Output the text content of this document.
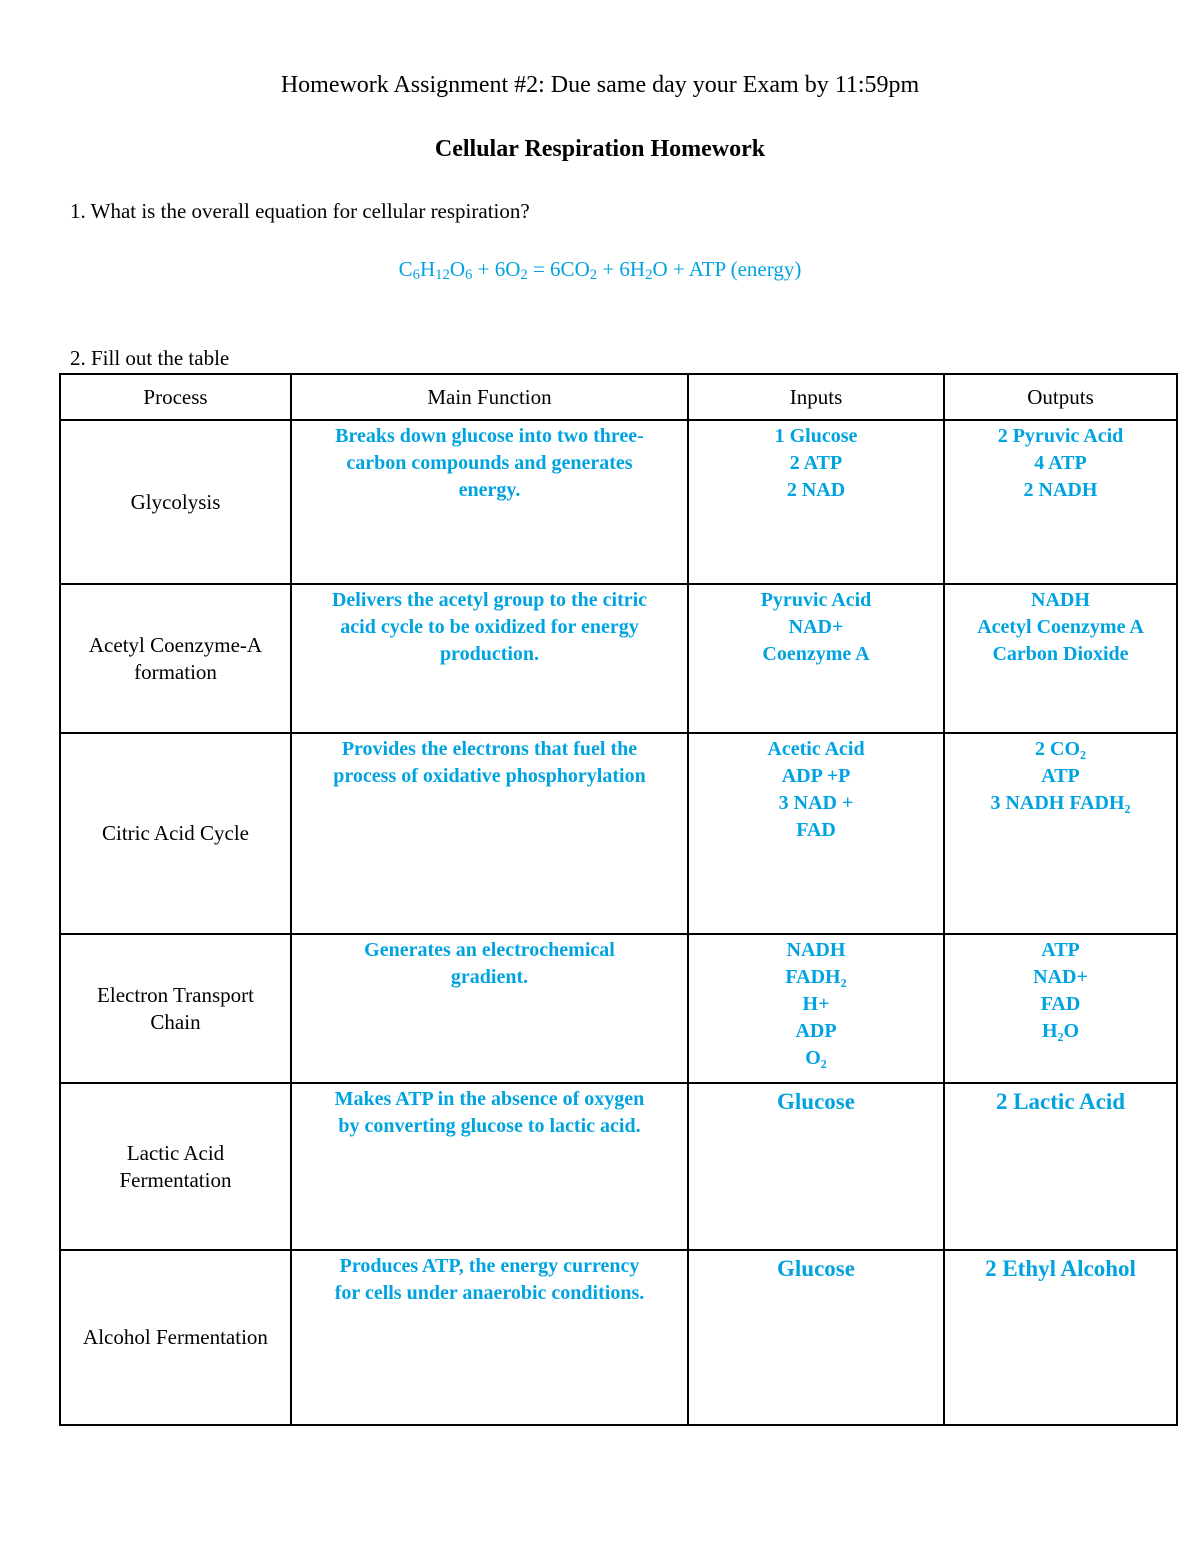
Homework Assignment #2: Due same day your Exam by 11:59pm
Cellular Respiration Homework
1. What is the overall equation for cellular respiration?
$C_6H_{12}O_6 + 6O_2 = 6CO_2 + 6H_2O$ + ATP (energy)
2. Fill out the table
Process	Main Function	Inputs	Outputs

Glycolysis	Breaks down glucose into two three-
carbon compounds and generates
energy.	1 Glucose
2 ATP
2 NAD	2 Pyruvic Acid
4 ATP
2 NADH

Acetyl Coenzyme-A
formation	Delivers the acetyl group to the citric
acid cycle to be oxidized for energy
production.	Pyruvic Acid
NAD+
Coenzyme A	NADH
Acetyl Coenzyme A
Carbon Dioxide

Citric Acid Cycle	Provides the electrons that fuel the
process of oxidative phosphorylation	Acetic Acid
ADP +P
3 NAD +
FAD	2 CO₂
ATP
3 NADH FADH₂

Electron Transport
Chain	Generates an electrochemical
gradient.	NADH
FADH₂
H+
ADP
O₂	ATP
NAD+
FAD
H₂O

Lactic Acid
Fermentation	Makes ATP in the absence of oxygen
by converting glucose to lactic acid.	Glucose	2 Lactic Acid

Alcohol Fermentation	Produces ATP, the energy currency
for cells under anaerobic conditions.	Glucose	2 Ethyl Alcohol
